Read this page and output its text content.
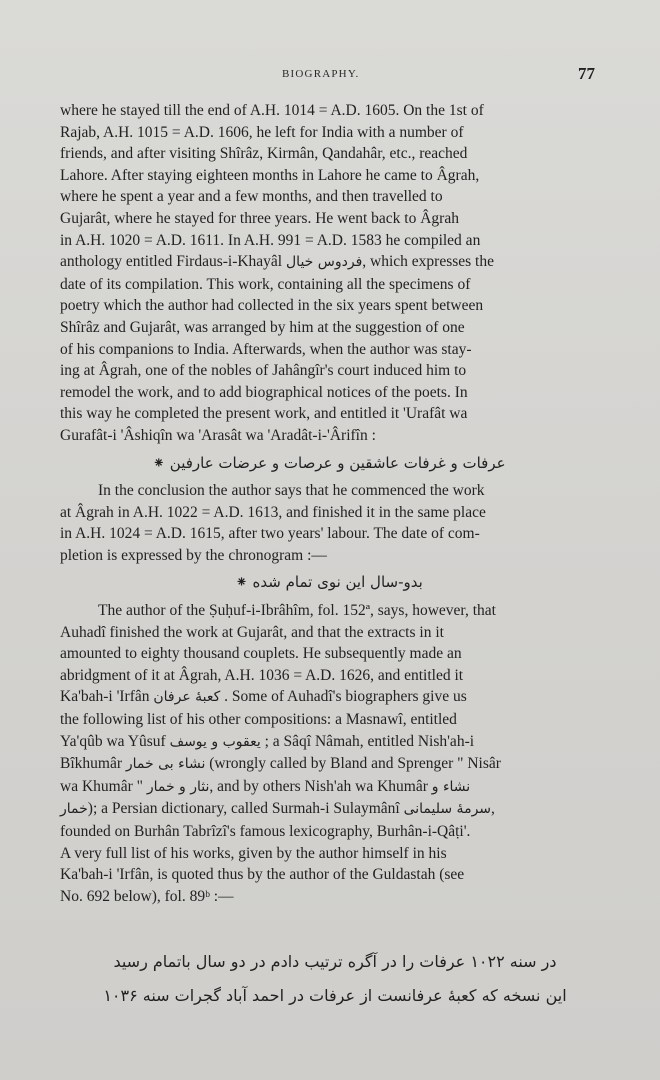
BIOGRAPHY.	77

where he stayed till the end of A.H. 1014 = A.D. 1605. On the 1st of

Rajab, A.H. 1015 = A.D. 1606, he left for India with a number of

friends, and after visiting Shîrâz, Kirmân, Qandahâr, etc., reached

Lahore. After staying eighteen months in Lahore he came to Âgrah,

where he spent a year and a few months, and then travelled to

Gujarât, where he stayed for three years. He went back to Âgrah

in A.H. 1020 = A.D. 1611. In A.H. 991 = A.D. 1583 he compiled an

anthology entitled Firdaus-i-Khayâl فردوس خیال, which expresses the

date of its compilation. This work, containing all the specimens of

poetry which the author had collected in the six years spent between

Shîrâz and Gujarât, was arranged by him at the suggestion of one

of his companions to India. Afterwards, when the author was stay-

ing at Âgrah, one of the nobles of Jahângîr's court induced him to

remodel the work, and to add biographical notices of the poets. In

this way he completed the present work, and entitled it 'Urafât wa

Gurafât-i 'Âshiqîn wa 'Arasât wa 'Aradât-i-'Ârifîn :

عرفات و غرفات عاشقین و عرصات و عرضات عارفین ⁕

In the conclusion the author says that he commenced the work

at Âgrah in A.H. 1022 = A.D. 1613, and finished it in the same place

in A.H. 1024 = A.D. 1615, after two years' labour. The date of com-

pletion is expressed by the chronogram :—

بدو-سال این نوی تمام شده ⁕

The author of the Ṣuḥuf-i-Ibrâhîm, fol. 152ª, says, however, that

Auhadî finished the work at Gujarât, and that the extracts in it

amounted to eighty thousand couplets. He subsequently made an

abridgment of it at Âgrah, A.H. 1036 = A.D. 1626, and entitled it

Ka'bah-i 'Irfân کعبهٔ عرفان . Some of Auhadî's biographers give us

the following list of his other compositions: a Masnawî, entitled

Ya'qûb wa Yûsuf یعقوب و یوسف ; a Sâqî Nâmah, entitled Nish'ah-i

Bîkhumâr نشاء بی خمار (wrongly called by Bland and Sprenger " Nisâr

wa Khumâr " نثار و خمار, and by others Nish'ah wa Khumâr نشاء و

خمار); a Persian dictionary, called Surmah-i Sulaymânî سرمهٔ سلیمانی,

founded on Burhân Tabrîzî's famous lexicography, Burhân-i-Qâṭi'.

A very full list of his works, given by the author himself in his

Ka'bah-i 'Irfân, is quoted thus by the author of the Guldastah (see

No. 692 below), fol. 89ᵇ :—

در سنه ۱۰۲۲ عرفات را در آگره ترتیب دادم در دو سال باتمام رسید
این نسخه که کعبهٔ عرفانست از عرفات در احمد آباد گجرات سنه ۱۰۳۶
